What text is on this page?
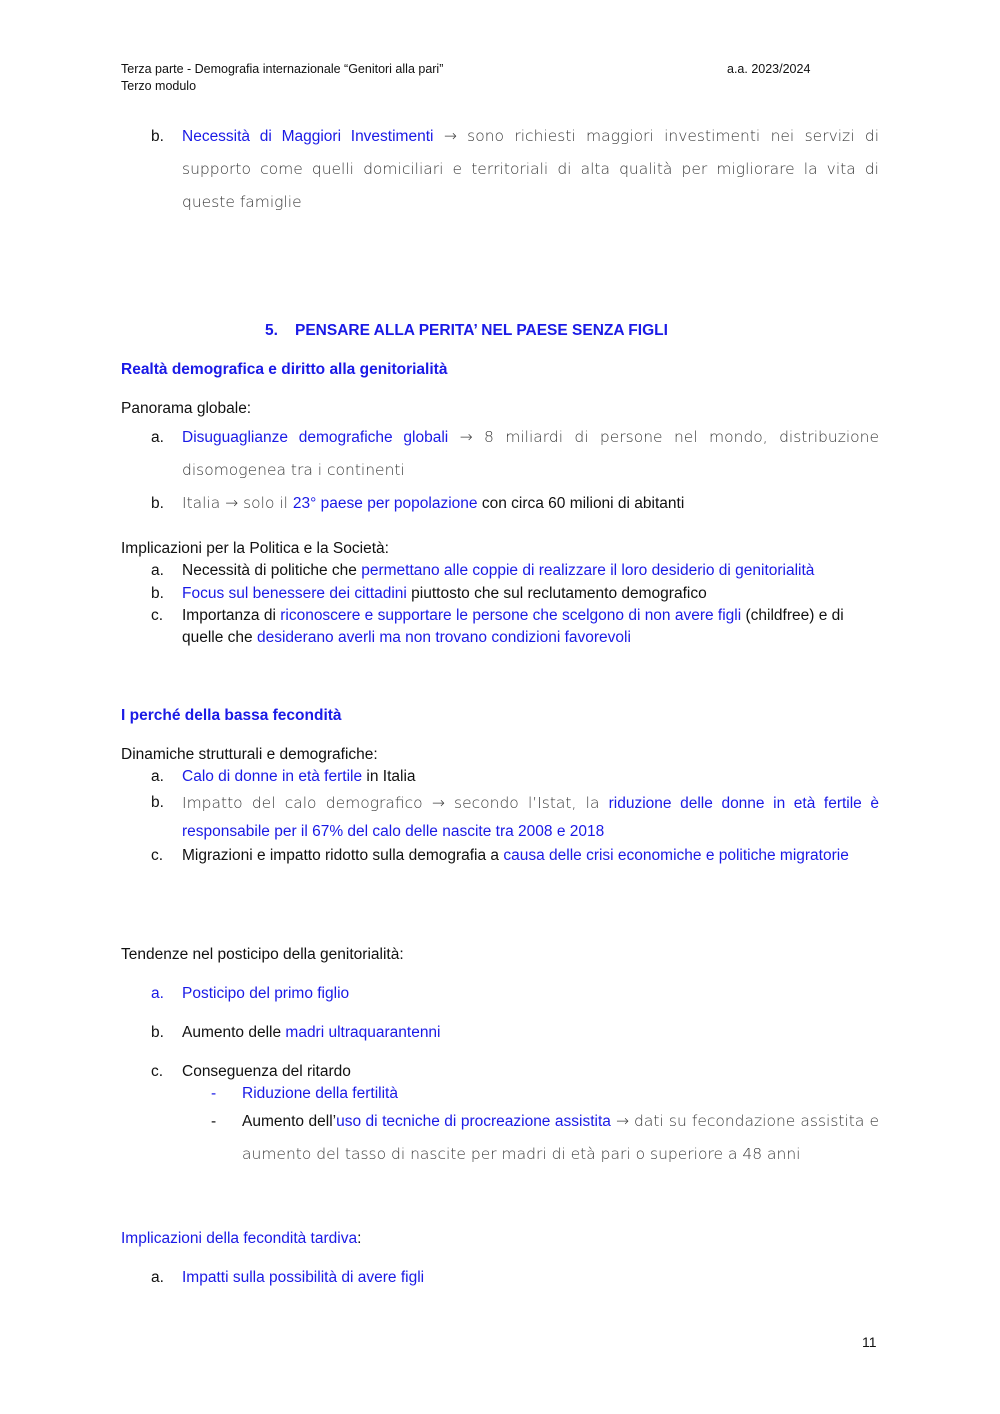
Terza parte - Demografia internazionale “Genitori alla pari”
Terzo modulo
a.a. 2023/2024
b.	Necessità di Maggiori Investimenti → sono richiesti maggiori investimenti nei servizi di supporto come quelli domiciliari e territoriali di alta qualità per migliorare la vita di queste famiglie
5. PENSARE ALLA PERITA’ NEL PAESE SENZA FIGLI
Realtà demografica e diritto alla genitorialità
Panorama globale:
a.	Disuguaglianze demografiche globali → 8 miliardi di persone nel mondo, distribuzione disomogenea tra i continenti
b.	Italia → solo il 23° paese per popolazione con circa 60 milioni di abitanti
Implicazioni per la Politica e la Società:
a.	Necessità di politiche che permettano alle coppie di realizzare il loro desiderio di genitorialità
b.	Focus sul benessere dei cittadini piuttosto che sul reclutamento demografico
c.	Importanza di riconoscere e supportare le persone che scelgono di non avere figli (childfree) e di quelle che desiderano averli ma non trovano condizioni favorevoli
I perché della bassa fecondità
Dinamiche strutturali e demografiche:
a.	Calo di donne in età fertile in Italia
b.	Impatto del calo demografico → secondo l’Istat, la riduzione delle donne in età fertile è responsabile per il 67% del calo delle nascite tra 2008 e 2018
c.	Migrazioni e impatto ridotto sulla demografia a causa delle crisi economiche e politiche migratorie
Tendenze nel posticipo della genitorialità:
a.	Posticipo del primo figlio
b.	Aumento delle madri ultraquarantenni
c.	Conseguenza del ritardo
-	Riduzione della fertilità
-	Aumento dell’uso di tecniche di procreazione assistita → dati su fecondazione assistita e aumento del tasso di nascite per madri di età pari o superiore a 48 anni
Implicazioni della fecondità tardiva:
a.	Impatti sulla possibilità di avere figli
11
